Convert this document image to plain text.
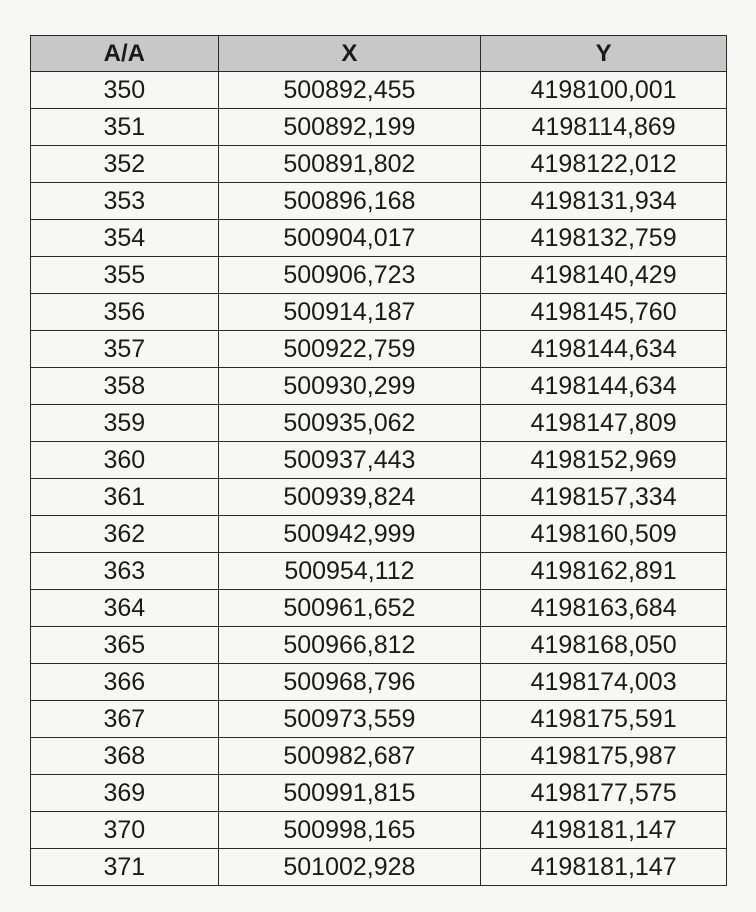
A/A	X	Y
350	500892,455	4198100,001
351	500892,199	4198114,869
352	500891,802	4198122,012
353	500896,168	4198131,934
354	500904,017	4198132,759
355	500906,723	4198140,429
356	500914,187	4198145,760
357	500922,759	4198144,634
358	500930,299	4198144,634
359	500935,062	4198147,809
360	500937,443	4198152,969
361	500939,824	4198157,334
362	500942,999	4198160,509
363	500954,112	4198162,891
364	500961,652	4198163,684
365	500966,812	4198168,050
366	500968,796	4198174,003
367	500973,559	4198175,591
368	500982,687	4198175,987
369	500991,815	4198177,575
370	500998,165	4198181,147
371	501002,928	4198181,147
